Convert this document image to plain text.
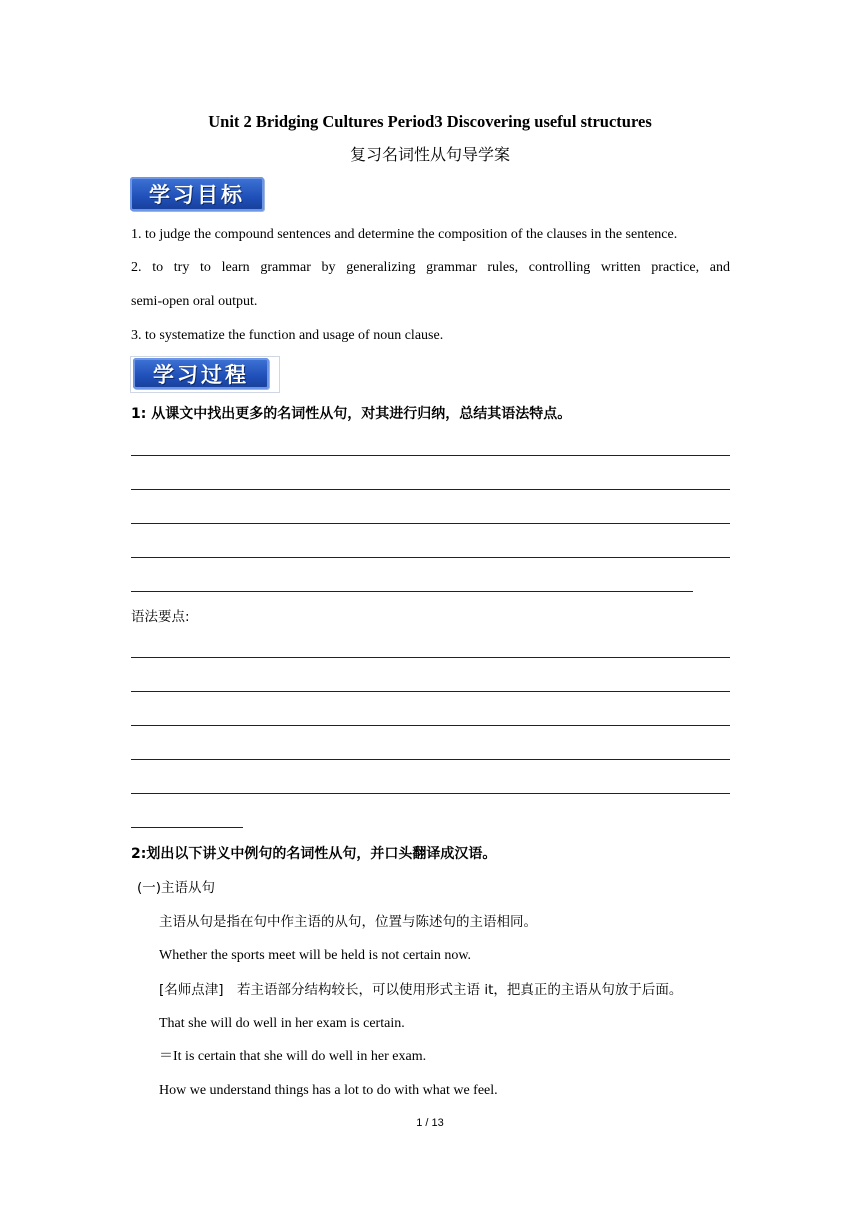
Unit 2 Bridging Cultures Period3 Discovering useful structures
复习名词性从句导学案
学习目标
1. to judge the compound sentences and determine the composition of the clauses in the sentence.
2. to try to learn grammar by generalizing grammar rules, controlling written practice, and
semi-open oral output.
3. to systematize the function and usage of noun clause.
学习过程
1: 从课文中找出更多的名词性从句，对其进行归纳，总结其语法特点。
语法要点:
2:划出以下讲义中例句的名词性从句，并口头翻译成汉语。
(一)主语从句
主语从句是指在句中作主语的从句，位置与陈述句的主语相同。
Whether the sports meet will be held is not certain now.
[名师点津]　若主语部分结构较长，可以使用形式主语 it，把真正的主语从句放于后面。
That she will do well in her exam is certain.
＝It is certain that she will do well in her exam.
How we understand things has a lot to do with what we feel.
1 / 13
